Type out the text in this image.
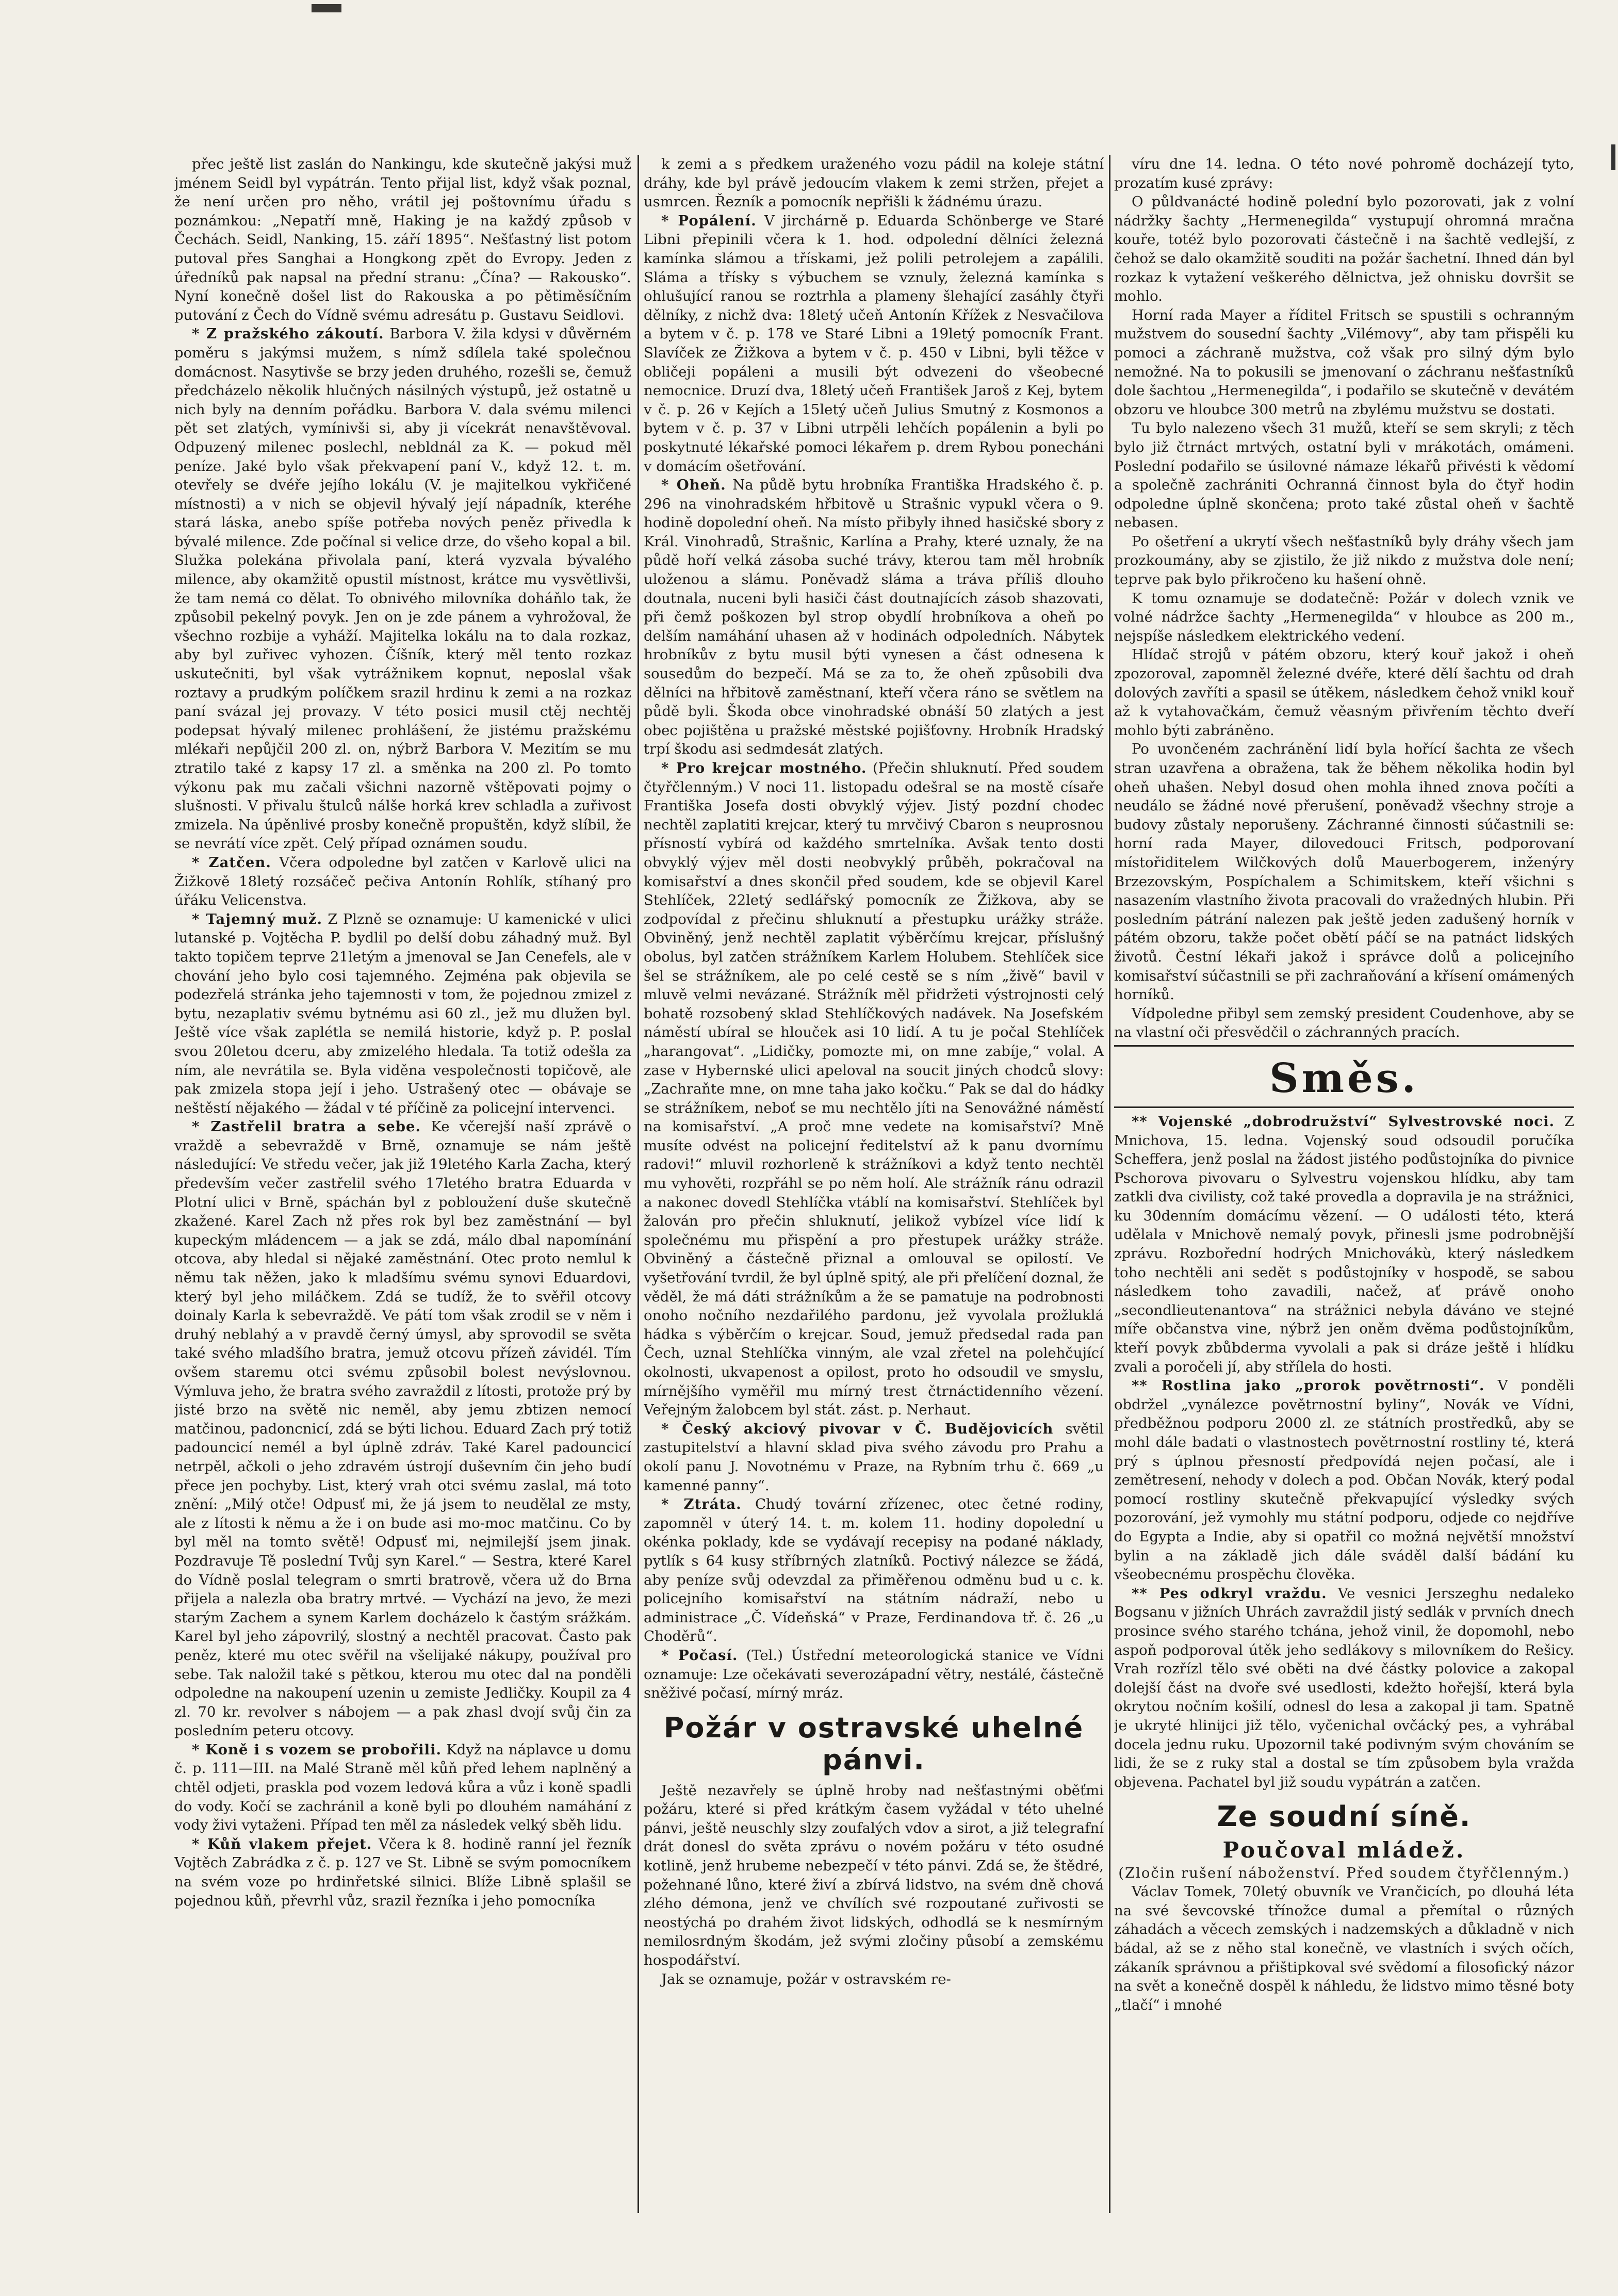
přec ještě list zaslán do Nankingu, kde skutečně jakýsi muž jménem Seidl byl vypátrán. Tento přijal list, když však poznal, že není určen pro něho, vrátil jej poštovnímu úřadu s poznámkou: „Nepatří mně, Haking je na každý způsob v Čechách. Seidl, Nanking, 15. září 1895“. Nešťastný list potom putoval přes Sanghai a Hongkong zpět do Evropy. Jeden z úředníků pak napsal na přední stranu: „Čína? — Rakousko“. Nyní konečně došel list do Rakouska a po pětiměsíčním putování z Čech do Vídně svému adresátu p. Gustavu Seidlovi.

* Z pražského zákoutí. Barbora V. žila kdysi v důvěrném poměru s jakýmsi mužem, s nímž sdílela také společnou domácnost. Nasytivše se brzy jeden druhého, rozešli se, čemuž předcházelo několik hlučných násilných výstupů, jež ostatně u nich byly na denním pořádku. Barbora V. dala svému milenci pět set zlatých, vymínivši si, aby ji vícekrát nenavštěvoval. Odpuzený milenec poslechl, nebldnál za K. — pokud měl peníze. Jaké bylo však překvapení paní V., když 12. t. m. otevřely se dvéře jejího lokálu (V. je majitelkou vykřičené místnosti) a v nich se objevil hývalý její nápadník, kteréhe stará láska, anebo spíše potřeba nových peněz přivedla k bývalé milence. Zde počínal si velice drze, do všeho kopal a bil. Služka polekána přivolala paní, která vyzvala bývalého milence, aby okamžitě opustil místnost, krátce mu vysvětlivši, že tam nemá co dělat. To obnivého milovníka doháňlo tak, že způsobil pekelný povyk. Jen on je zde pánem a vyhrožoval, že všechno rozbije a vyháží. Majitelka lokálu na to dala rozkaz, aby byl zuřivec vyhozen. Číšník, který měl tento rozkaz uskutečniti, byl však vytrážnikem kopnut, neposlal však roztavy a prudkým políčkem srazil hrdinu k zemi a na rozkaz paní svázal jej provazy. V této posici musil ctěj nechtěj podepsat hývalý milenec prohlášení, že jistému pražskému mlékaři nepůjčil 200 zl. on, nýbrž Barbora V. Mezitím se mu ztratilo také z kapsy 17 zl. a směnka na 200 zl. Po tomto výkonu pak mu začali všichni nazorně vštěpovati pojmy o slušnosti. V přivalu štulců nálše horká krev schladla a zuřivost zmizela. Na úpěnlivé prosby konečně propuštěn, když slíbil, že se nevrátí více zpět. Celý případ oznámen soudu.

* Zatčen. Včera odpoledne byl zatčen v Karlově ulici na Žižkově 18letý rozsáčeč pečiva Antonín Rohlík, stíhaný pro úřáku Velicenstva.

* Tajemný muž. Z Plzně se oznamuje: U kamenické v ulici lutanské p. Vojtěcha P. bydlil po delší dobu záhadný muž. Byl takto topičem teprve 21letým a jmenoval se Jan Cenefels, ale v chování jeho bylo cosi tajemného. Zejména pak objevila se podezřelá stránka jeho tajemnosti v tom, že pojednou zmizel z bytu, nezaplativ svému bytnému asi 60 zl., jež mu dlužen byl. Ještě více však zaplétla se nemilá historie, když p. P. poslal svou 20letou dceru, aby zmizelého hledala. Ta totiž odešla za ním, ale nevrátila se. Byla viděna vespolečnosti topičově, ale pak zmizela stopa její i jeho. Ustrašený otec — obávaje se neštěstí nějakého — žádal v té příčině za policejní intervenci.

* Zastřelil bratra a sebe. Ke včerejší naší zprávě o vraždě a sebevraždě v Brně, oznamuje se nám ještě následující: Ve středu večer, jak již 19letého Karla Zacha, který především večer zastřelil svého 17letého bratra Eduarda v Plotní ulici v Brně, spáchán byl z pobloužení duše skutečně zkažené. Karel Zach nž přes rok byl bez zaměstnání — byl kupeckým mládencem — a jak se zdá, málo dbal napomínání otcova, aby hledal si nějaké zaměstnání. Otec proto nemlul k němu tak něžen, jako k mladšímu svému synovi Eduardovi, který byl jeho miláčkem. Zdá se tudíž, že to svěřil otcovy doinaly Karla k sebevraždě. Ve pátí tom však zrodil se v něm i druhý neblahý a v pravdě černý úmysl, aby sprovodil se světa také svého mladšího bratra, jemuž otcovu přízeň závidél. Tím ovšem staremu otci svému způsobil bolest nevýslovnou. Výmluva jeho, že bratra svého zavraždil z lítosti, protože prý by jisté brzo na světě nic neměl, aby jemu zbtizen nemocí matčinou, padoncnicí, zdá se býti lichou. Eduard Zach prý totiž padouncicí nemél a byl úplně zdráv. Také Karel padouncicí netrpěl, ačkoli o jeho zdravém ústrojí duševním čin jeho budí přece jen pochyby. List, který vrah otci svému zaslal, má toto znění: „Milý otče! Odpusť mi, že já jsem to neudělal ze msty, ale z lítosti k němu a že i on bude asi mo-moc matčinu. Co by byl měl na tomto světě! Odpusť mi, nejmilejší jsem jinak. Pozdravuje Tě poslední Tvůj syn Karel.“ — Sestra, které Karel do Vídně poslal telegram o smrti bratrově, včera už do Brna přijela a nalezla oba bratry mrtvé. — Vychází na jevo, že mezi starým Zachem a synem Karlem docházelo k častým srážkám. Karel byl jeho zápovrilý, slostný a nechtěl pracovat. Často pak peněz, které mu otec svěřil na všelijaké nákupy, používal pro sebe. Tak naložil také s pětkou, kterou mu otec dal na ponděli odpoledne na nakoupení uzenin u zemiste Jedličky. Koupil za 4 zl. 70 kr. revolver s nábojem — a pak zhasl dvojí svůj čin za posledním peteru otcovy.

* Koně i s vozem se probořili. Když na náplavce u domu č. p. 111—III. na Malé Straně měl kůň před lehem naplněný a chtěl odjeti, praskla pod vozem ledová kůra a vůz i koně spadli do vody. Kočí se zachránil a koně byli po dlouhém namáhání z vody živi vytaženi. Případ ten měl za následek velký sběh lidu.

* Kůň vlakem přejet. Včera k 8. hodině ranní jel řezník Vojtěch Zabrádka z č. p. 127 ve St. Libně se svým pomocníkem na svém voze po hrdinřetské silnici. Blíže Libně splašil se pojednou kůň, převrhl vůz, srazil řezníka i jeho pomocníka

k zemi a s předkem uraženého vozu pádil na koleje státní dráhy, kde byl právě jedoucím vlakem k zemi stržen, přejet a usmrcen. Řezník a pomocník nepřišli k žádnému úrazu.

* Popálení. V jirchárně p. Eduarda Schönberge ve Staré Libni přepinili včera k 1. hod. odpolední dělníci železná kamínka slámou a třískami, jež polili petrolejem a zapálili. Sláma a třísky s výbuchem se vznuly, železná kamínka s ohlušující ranou se roztrhla a plameny šlehající zasáhly čtyři dělníky, z nichž dva: 18letý učeň Antonín Křížek z Nesvačilova a bytem v č. p. 178 ve Staré Libni a 19letý pomocník Frant. Slavíček ze Žižkova a bytem v č. p. 450 v Libni, byli těžce v obličeji popáleni a musili být odvezeni do všeobecné nemocnice. Druzí dva, 18letý učeň František Jaroš z Kej, bytem v č. p. 26 v Kejích a 15letý učeň Julius Smutný z Kosmonos a bytem v č. p. 37 v Libni utrpěli lehčích popálenin a byli po poskytnuté lékařské pomoci lékařem p. drem Rybou ponecháni v domácím ošetřování.

* Oheň. Na půdě bytu hrobníka Františka Hradského č. p. 296 na vinohradském hřbitově u Strašnic vypukl včera o 9. hodině dopolední oheň. Na místo přibyly ihned hasičské sbory z Král. Vinohradů, Strašnic, Karlína a Prahy, které uznaly, že na půdě hoří velká zásoba suché trávy, kterou tam měl hrobník uloženou a slámu. Poněvadž sláma a tráva příliš dlouho doutnala, nuceni byli hasiči část doutnajících zásob shazovati, při čemž poškozen byl strop obydlí hrobníkova a oheň po delším namáhání uhasen až v hodinách odpoledních. Nábytek hrobníkův z bytu musil býti vynesen a část odnesena k sousedům do bezpečí. Má se za to, že oheň způsobili dva dělníci na hřbitově zaměstnaní, kteří včera ráno se světlem na půdě byli. Škoda obce vinohradské obnáší 50 zlatých a jest obec pojištěna u pražské městské pojišťovny. Hrobník Hradský trpí škodu asi sedmdesát zlatých.

* Pro krejcar mostného. (Přečin shluknutí. Před soudem čtyřčlenným.) V noci 11. listopadu odešral se na mostě císaře Františka Josefa dosti obvyklý výjev. Jistý pozdní chodec nechtěl zaplatiti krejcar, který tu mrvčivý Cbaron s neuprosnou přísností vybírá od každého smrtelníka. Avšak tento dosti obvyklý výjev měl dosti neobvyklý průběh, pokračoval na komisařství a dnes skončil před soudem, kde se objevil Karel Stehlíček, 22letý sedlářský pomocník ze Žižkova, aby se zodpovídal z přečinu shluknutí a přestupku urážky stráže. Obviněný, jenž nechtěl zaplatit výběrčímu krejcar, příslušný obolus, byl zatčen strážníkem Karlem Holubem. Stehlíček sice šel se strážníkem, ale po celé cestě se s ním „živě“ bavil v mluvě velmi nevázané. Strážník měl přidržeti výstrojnosti celý bohatě rozsobený sklad Stehlíčkových nadávek. Na Josefském náměstí ubíral se hlouček asi 10 lidí. A tu je počal Stehlíček „harangovat“. „Lidičky, pomozte mi, on mne zabíje,“ volal. A zase v Hybernské ulici apeloval na soucit jiných chodců slovy: „Zachraňte mne, on mne taha jako kočku.“ Pak se dal do hádky se strážníkem, neboť se mu nechtělo jíti na Senovážné náměstí na komisařství. „A proč mne vedete na komisařství? Mně musíte odvést na policejní ředitelství až k panu dvornímu radovi!“ mluvil rozhorleně k strážníkovi a když tento nechtěl mu vyhověti, rozpřáhl se po něm holí. Ale strážník ránu odrazil a nakonec dovedl Stehlíčka vtáblí na komisařství. Stehlíček byl žalován pro přečin shluknutí, jelikož vybízel více lidí k společnému mu přispění a pro přestupek urážky stráže. Obviněný a částečně přiznal a omlouval se opilostí. Ve vyšetřování tvrdil, že byl úplně spitý, ale při přelíčení doznal, že věděl, že má dáti strážníkům a že se pamatuje na podrobnosti onoho nočního nezdařilého pardonu, jež vyvolala prožluklá hádka s výběrčím o krejcar. Soud, jemuž předsedal rada pan Čech, uznal Stehlíčka vinným, ale vzal zřetel na polehčující okolnosti, ukvapenost a opilost, proto ho odsoudil ve smyslu, mírnějšího vyměřil mu mírný trest čtrnáctidenního vězení. Veřejným žalobcem byl stát. zást. p. Nerhaut.

* Český akciový pivovar v Č. Budějovicích světil zastupitelství a hlavní sklad piva svého závodu pro Prahu a okolí panu J. Novotnému v Praze, na Rybním trhu č. 669 „u kamenné panny“.

* Ztráta. Chudý tovární zřízenec, otec četné rodiny, zapomněl v úterý 14. t. m. kolem 11. hodiny dopolední u okénka poklady, kde se vydávají recepisy na podané náklady, pytlík s 64 kusy stříbrných zlatníků. Poctivý nálezce se žádá, aby peníze svůj odevzdal za přiměřenou odměnu bud u c. k. policejního komisařství na státním nádraží, nebo u administrace „Č. Vídeňská“ v Praze, Ferdinandova tř. č. 26 „u Choděrů“.

* Počasí. (Tel.) Ústřední meteorologická stanice ve Vídni oznamuje: Lze očekávati severozápadní větry, nestálé, částečně sněživé počasí, mírný mráz.

Požár v ostravské uhelné pánvi.

Ještě nezavřely se úplně hroby nad nešťastnými oběťmi požáru, které si před krátkým časem vyžádal v této uhelné pánvi, ještě neuschly slzy zoufalých vdov a sirot, a již telegrafní drát donesl do světa zprávu o novém požáru v této osudné kotlině, jenž hrubeme nebezpečí v této pánvi. Zdá se, že štědré, požehnané lůno, které živí a zbírvá lidstvo, na svém dně chová zlého démona, jenž ve chvílích své rozpoutané zuřivosti se neostýchá po drahém život lidských, odhodlá se k nesmírným nemilosrdným škodám, jež svými zločiny působí a zemskému hospodářství.

Jak se oznamuje, požár v ostravském re-

víru dne 14. ledna. O této nové pohromě docházejí tyto, prozatím kusé zprávy:

O půldvanácté hodině polední bylo pozorovati, jak z volní nádržky šachty „Hermenegilda“ vystupují ohromná mračna kouře, totéž bylo pozorovati částečně i na šachtě vedlejší, z čehož se dalo okamžitě souditi na požár šachetní. Ihned dán byl rozkaz k vytažení veškerého dělnictva, jež ohnisku dovršit se mohlo.

Horní rada Mayer a říditel Fritsch se spustili s ochranným mužstvem do sousední šachty „Vilémovy“, aby tam přispěli ku pomoci a záchraně mužstva, což však pro silný dým bylo nemožné. Na to pokusili se jmenovaní o záchranu nešťastníků dole šachtou „Hermenegilda“, i podařilo se skutečně v devátém obzoru ve hloubce 300 metrů na zbylému mužstvu se dostati.

Tu bylo nalezeno všech 31 mužů, kteří se sem skryli; z těch bylo již čtrnáct mrtvých, ostatní byli v mrákotách, omámeni. Poslední podařilo se úsilovné námaze lékařů přivésti k vědomí a společně zachrániti Ochranná činnost byla do čtyř hodin odpoledne úplně skončena; proto také zůstal oheň v šachtě nebasen.

Po ošetření a ukrytí všech nešťastníků byly dráhy všech jam prozkoumány, aby se zjistilo, že již nikdo z mužstva dole není; teprve pak bylo přikročeno ku hašení ohně.

K tomu oznamuje se dodatečně: Požár v dolech vznik ve volné nádržce šachty „Hermenegilda“ v hloubce as 200 m., nejspíše následkem elektrického vedení.

Hlídač strojů v pátém obzoru, který kouř jakož i oheň zpozoroval, zapomněl železné dvéře, které dělí šachtu od drah dolových zavříti a spasil se útěkem, následkem čehož vnikl kouř až k vytahovačkám, čemuž věasným přivřením těchto dveří mohlo býti zabráněno.

Po uvončeném zachránění lidí byla hořící šachta ze všech stran uzavřena a obražena, tak že během několika hodin byl oheň uhašen. Nebyl dosud ohen mohla ihned znova počíti a neudálo se žádné nové přerušení, poněvadž všechny stroje a budovy zůstaly neporušeny. Záchranné činnosti súčastnili se: horní rada Mayer, dilovedouci Fritsch, podporovaní místořiditelem Wilčkových dolů Mauerbogerem, inženýry Brzezovským, Pospíchalem a Schimitskem, kteří všichni s nasazením vlastního života pracovali do vražedných hlubin. Při posledním pátrání nalezen pak ještě jeden zadušený horník v pátém obzoru, takže počet obětí páčí se na patnáct lidských životů. Čestní lékaři jakož i správce dolů a policejního komisařství súčastnili se při zachraňování a křísení omámených horníků.

Vídpoledne přibyl sem zemský president Coudenhove, aby se na vlastní oči přesvědčil o záchranných pracích.

Směs.

** Vojenské „dobrodružství“ Sylvestrovské noci. Z Mnichova, 15. ledna. Vojenský soud odsoudil poručíka Scheffera, jenž poslal na žádost jistého podůstojníka do pivnice Pschorova pivovaru o Sylvestru vojenskou hlídku, aby tam zatkli dva civilisty, což také provedla a dopravila je na strážnici, ku 30denním domácímu vězení. — O události této, která udělala v Mnichově nemalý povyk, přinesli jsme podrobnější zprávu. Rozbořední hodrých Mnichovákù, který následkem toho nechtěli ani sedět s podůstojníky v hospodě, se sabou následkem toho zavadili, načež, ať právě onoho „secondlieutenantova“ na strážnici nebyla dáváno ve stejné míře občanstva vine, nýbrž jen oněm dvěma podůstojníkům, kteří povyk zbůbderma vyvolali a pak si dráze ještě i hlídku zvali a poročeli jí, aby střílela do hosti.

** Rostlina jako „prorok povětrnosti“. V ponděli obdržel „vynálezce povětrnostní byliny“, Novák ve Vídni, předběžnou podporu 2000 zl. ze státních prostředků, aby se mohl dále badati o vlastnostech povětrnostní rostliny té, která prý s úplnou přesností předpovídá nejen počasí, ale i zemětresení, nehody v dolech a pod. Občan Novák, který podal pomocí rostliny skutečně překvapující výsledky svých pozorování, jež vymohly mu státní podporu, odjede co nejdříve do Egypta a Indie, aby si opatřil co možná největší množství bylin a na základě jich dále sváděl další bádání ku všeobecnému prospěchu člověka.

** Pes odkryl vraždu. Ve vesnici Jerszeghu nedaleko Bogsanu v jižních Uhrách zavraždil jistý sedlák v prvních dnech prosince svého starého tchána, jehož vinil, že dopomohl, nebo aspoň podporoval útěk jeho sedlákovy s milovníkem do Rešicy. Vrah rozřízl tělo své oběti na dvé částky polovice a zakopal dolejší část na dvoře své usedlosti, kdežto hořejší, která byla okrytou nočním košilí, odnesl do lesa a zakopal ji tam. Spatně je ukryté hlinijci již tělo, vyčenichal ovčácký pes, a vyhrábal docela jednu ruku. Upozornil také podivným svým chováním se lidi, že se z ruky stal a dostal se tím způsobem byla vražda objevena. Pachatel byl již soudu vypátrán a zatčen.

Ze soudní síně.
Poučoval mládež.
(Zločin rušení náboženství. Před soudem čtyřčlenným.)

Václav Tomek, 70letý obuvník ve Vrančicích, po dlouhá léta na své ševcovské třínožce dumal a přemítal o různých záhadách a věcech zemských i nadzemských a důkladně v nich bádal, až se z něho stal konečně, ve vlastních i svých očích, zákaník správnou a přištipkoval své svědomí a filosofický názor na svět a konečně dospěl k náhledu, že lidstvo mimo těsné boty „tlačí“ i mnohé
